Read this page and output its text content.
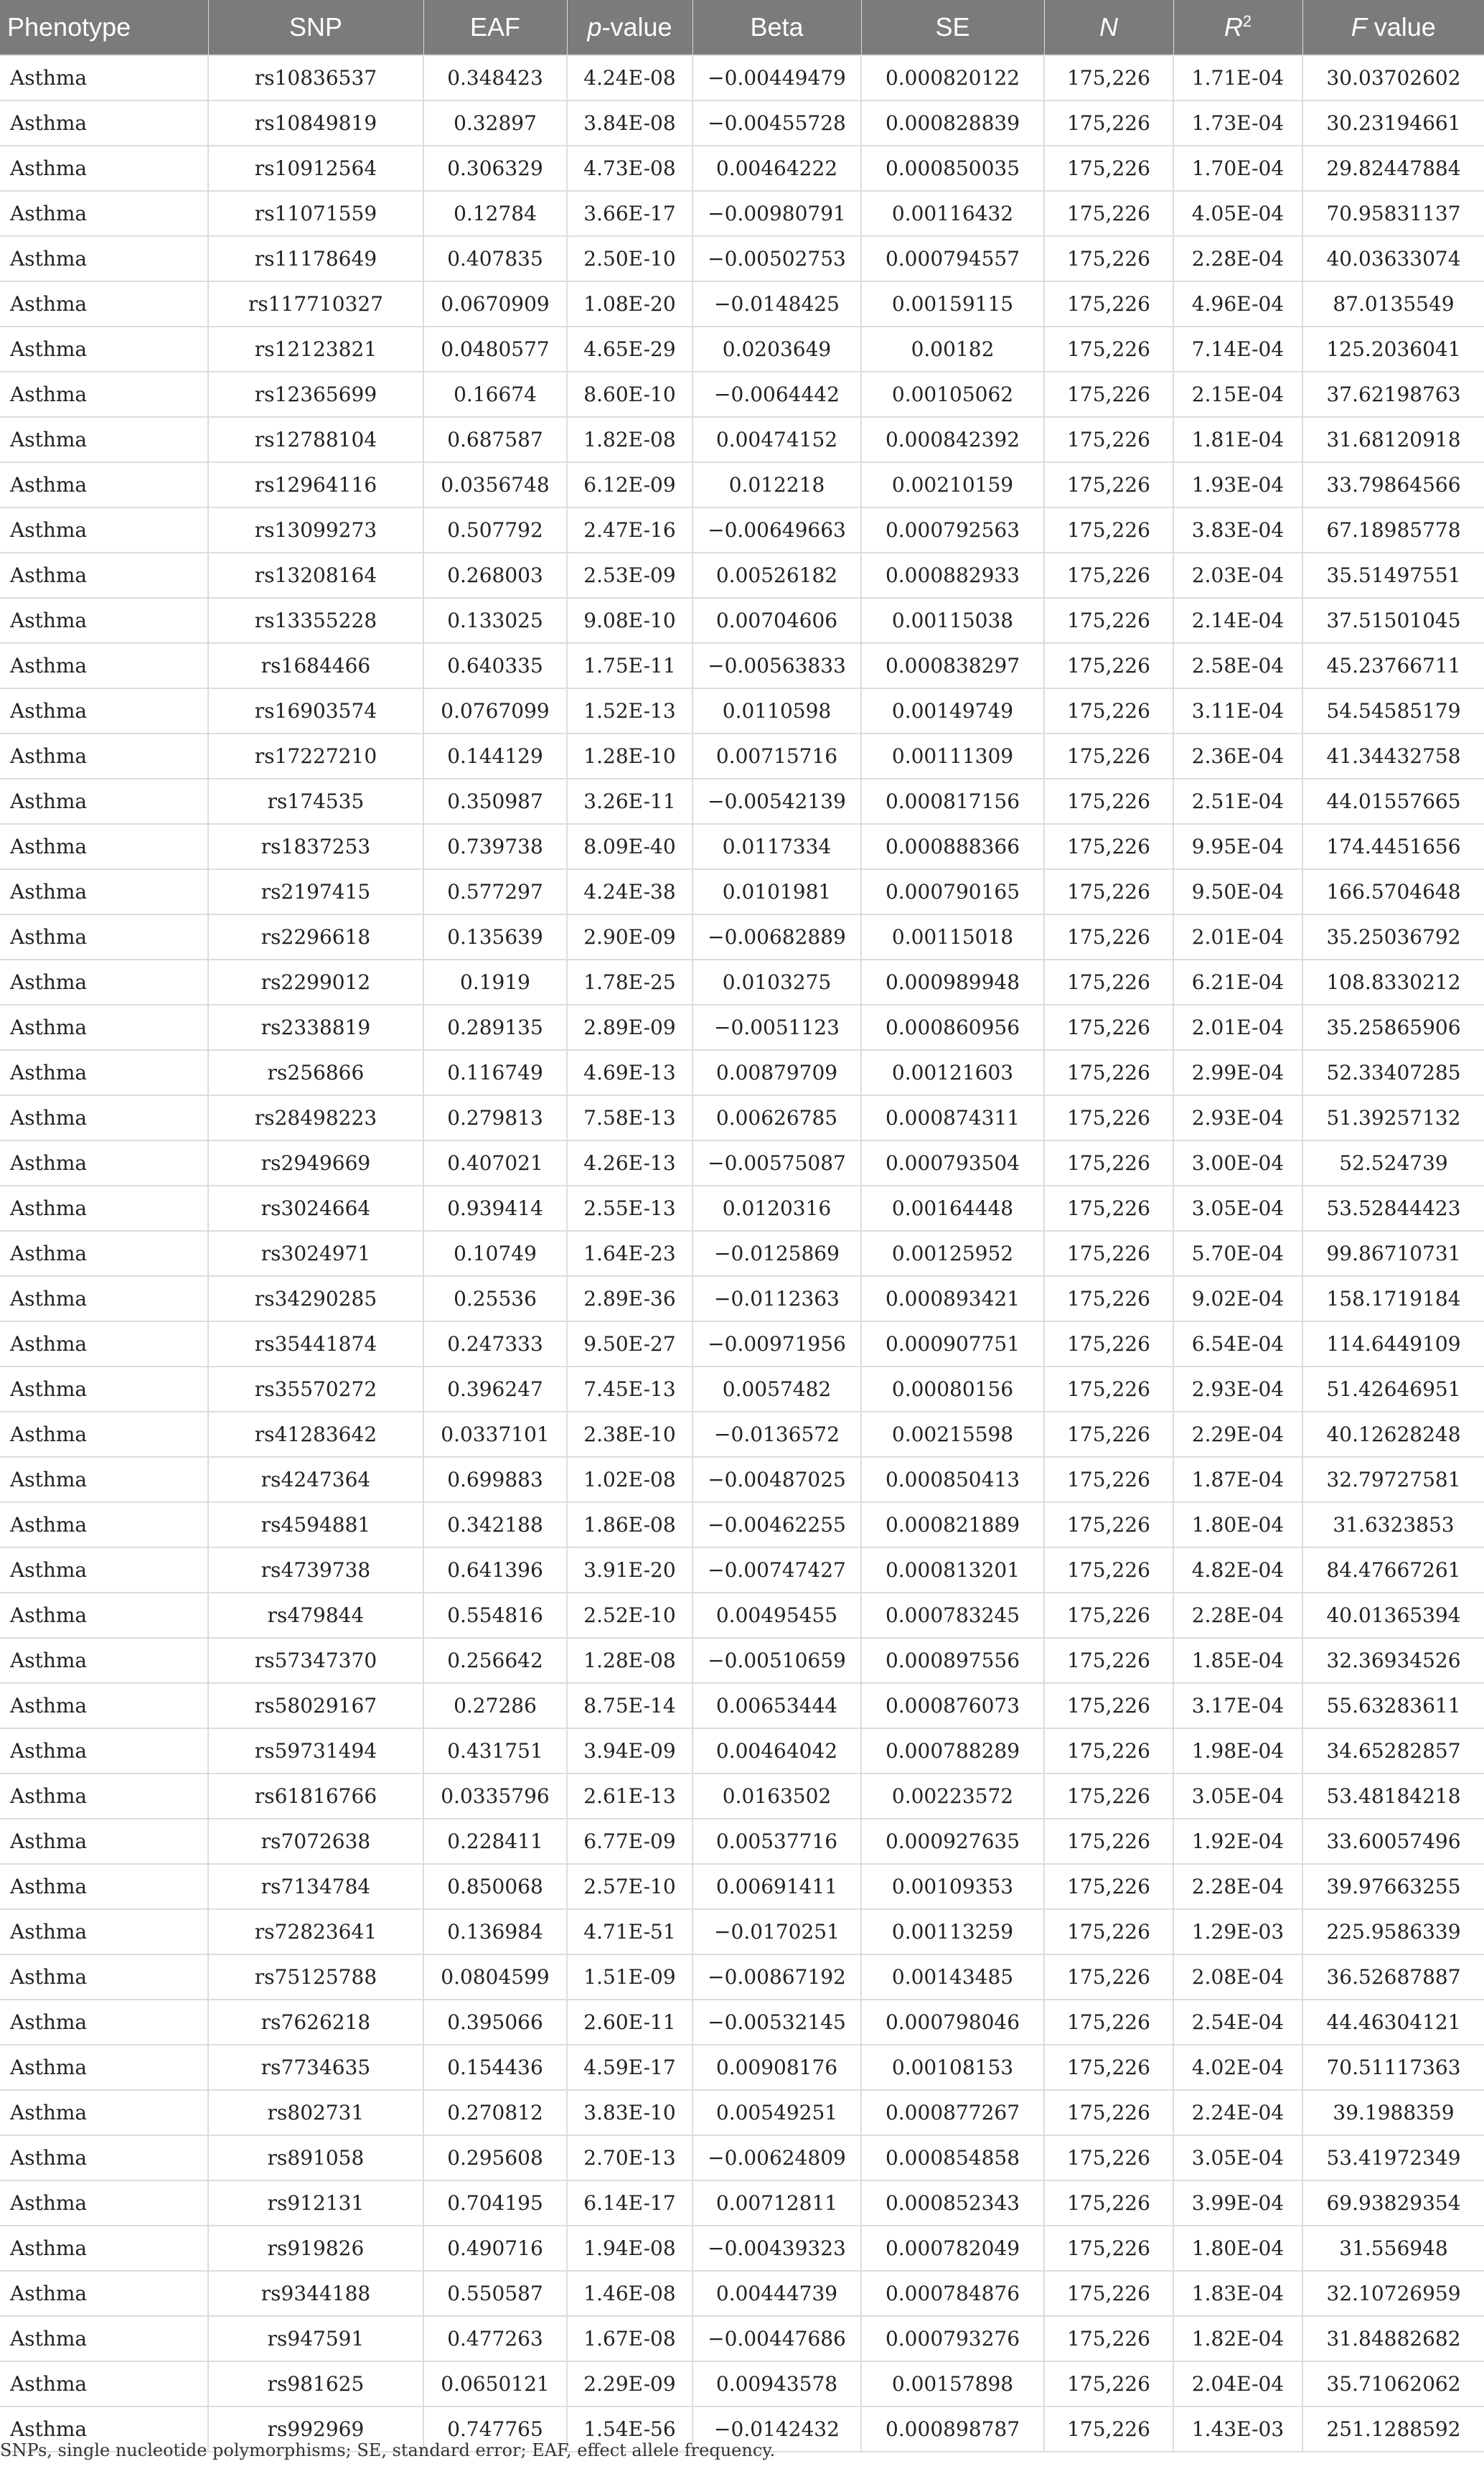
Phenotype	SNP	EAF	p-value	Beta	SE	N	$R^2$	F value
Asthma	rs10836537	0.348423	4.24E-08	−0.00449479	0.000820122	175,226	1.71E-04	30.03702602
Asthma	rs10849819	0.32897	3.84E-08	−0.00455728	0.000828839	175,226	1.73E-04	30.23194661
Asthma	rs10912564	0.306329	4.73E-08	0.00464222	0.000850035	175,226	1.70E-04	29.82447884
Asthma	rs11071559	0.12784	3.66E-17	−0.00980791	0.00116432	175,226	4.05E-04	70.95831137
Asthma	rs11178649	0.407835	2.50E-10	−0.00502753	0.000794557	175,226	2.28E-04	40.03633074
Asthma	rs117710327	0.0670909	1.08E-20	−0.0148425	0.00159115	175,226	4.96E-04	87.0135549
Asthma	rs12123821	0.0480577	4.65E-29	0.0203649	0.00182	175,226	7.14E-04	125.2036041
Asthma	rs12365699	0.16674	8.60E-10	−0.0064442	0.00105062	175,226	2.15E-04	37.62198763
Asthma	rs12788104	0.687587	1.82E-08	0.00474152	0.000842392	175,226	1.81E-04	31.68120918
Asthma	rs12964116	0.0356748	6.12E-09	0.012218	0.00210159	175,226	1.93E-04	33.79864566
Asthma	rs13099273	0.507792	2.47E-16	−0.00649663	0.000792563	175,226	3.83E-04	67.18985778
Asthma	rs13208164	0.268003	2.53E-09	0.00526182	0.000882933	175,226	2.03E-04	35.51497551
Asthma	rs13355228	0.133025	9.08E-10	0.00704606	0.00115038	175,226	2.14E-04	37.51501045
Asthma	rs1684466	0.640335	1.75E-11	−0.00563833	0.000838297	175,226	2.58E-04	45.23766711
Asthma	rs16903574	0.0767099	1.52E-13	0.0110598	0.00149749	175,226	3.11E-04	54.54585179
Asthma	rs17227210	0.144129	1.28E-10	0.00715716	0.00111309	175,226	2.36E-04	41.34432758
Asthma	rs174535	0.350987	3.26E-11	−0.00542139	0.000817156	175,226	2.51E-04	44.01557665
Asthma	rs1837253	0.739738	8.09E-40	0.0117334	0.000888366	175,226	9.95E-04	174.4451656
Asthma	rs2197415	0.577297	4.24E-38	0.0101981	0.000790165	175,226	9.50E-04	166.5704648
Asthma	rs2296618	0.135639	2.90E-09	−0.00682889	0.00115018	175,226	2.01E-04	35.25036792
Asthma	rs2299012	0.1919	1.78E-25	0.0103275	0.000989948	175,226	6.21E-04	108.8330212
Asthma	rs2338819	0.289135	2.89E-09	−0.0051123	0.000860956	175,226	2.01E-04	35.25865906
Asthma	rs256866	0.116749	4.69E-13	0.00879709	0.00121603	175,226	2.99E-04	52.33407285
Asthma	rs28498223	0.279813	7.58E-13	0.00626785	0.000874311	175,226	2.93E-04	51.39257132
Asthma	rs2949669	0.407021	4.26E-13	−0.00575087	0.000793504	175,226	3.00E-04	52.524739
Asthma	rs3024664	0.939414	2.55E-13	0.0120316	0.00164448	175,226	3.05E-04	53.52844423
Asthma	rs3024971	0.10749	1.64E-23	−0.0125869	0.00125952	175,226	5.70E-04	99.86710731
Asthma	rs34290285	0.25536	2.89E-36	−0.0112363	0.000893421	175,226	9.02E-04	158.1719184
Asthma	rs35441874	0.247333	9.50E-27	−0.00971956	0.000907751	175,226	6.54E-04	114.6449109
Asthma	rs35570272	0.396247	7.45E-13	0.0057482	0.00080156	175,226	2.93E-04	51.42646951
Asthma	rs41283642	0.0337101	2.38E-10	−0.0136572	0.00215598	175,226	2.29E-04	40.12628248
Asthma	rs4247364	0.699883	1.02E-08	−0.00487025	0.000850413	175,226	1.87E-04	32.79727581
Asthma	rs4594881	0.342188	1.86E-08	−0.00462255	0.000821889	175,226	1.80E-04	31.6323853
Asthma	rs4739738	0.641396	3.91E-20	−0.00747427	0.000813201	175,226	4.82E-04	84.47667261
Asthma	rs479844	0.554816	2.52E-10	0.00495455	0.000783245	175,226	2.28E-04	40.01365394
Asthma	rs57347370	0.256642	1.28E-08	−0.00510659	0.000897556	175,226	1.85E-04	32.36934526
Asthma	rs58029167	0.27286	8.75E-14	0.00653444	0.000876073	175,226	3.17E-04	55.63283611
Asthma	rs59731494	0.431751	3.94E-09	0.00464042	0.000788289	175,226	1.98E-04	34.65282857
Asthma	rs61816766	0.0335796	2.61E-13	0.0163502	0.00223572	175,226	3.05E-04	53.48184218
Asthma	rs7072638	0.228411	6.77E-09	0.00537716	0.000927635	175,226	1.92E-04	33.60057496
Asthma	rs7134784	0.850068	2.57E-10	0.00691411	0.00109353	175,226	2.28E-04	39.97663255
Asthma	rs72823641	0.136984	4.71E-51	−0.0170251	0.00113259	175,226	1.29E-03	225.9586339
Asthma	rs75125788	0.0804599	1.51E-09	−0.00867192	0.00143485	175,226	2.08E-04	36.52687887
Asthma	rs7626218	0.395066	2.60E-11	−0.00532145	0.000798046	175,226	2.54E-04	44.46304121
Asthma	rs7734635	0.154436	4.59E-17	0.00908176	0.00108153	175,226	4.02E-04	70.51117363
Asthma	rs802731	0.270812	3.83E-10	0.00549251	0.000877267	175,226	2.24E-04	39.1988359
Asthma	rs891058	0.295608	2.70E-13	−0.00624809	0.000854858	175,226	3.05E-04	53.41972349
Asthma	rs912131	0.704195	6.14E-17	0.00712811	0.000852343	175,226	3.99E-04	69.93829354
Asthma	rs919826	0.490716	1.94E-08	−0.00439323	0.000782049	175,226	1.80E-04	31.556948
Asthma	rs9344188	0.550587	1.46E-08	0.00444739	0.000784876	175,226	1.83E-04	32.10726959
Asthma	rs947591	0.477263	1.67E-08	−0.00447686	0.000793276	175,226	1.82E-04	31.84882682
Asthma	rs981625	0.0650121	2.29E-09	0.00943578	0.00157898	175,226	2.04E-04	35.71062062
Asthma	rs992969	0.747765	1.54E-56	−0.0142432	0.000898787	175,226	1.43E-03	251.1288592
SNPs, single nucleotide polymorphisms; SE, standard error; EAF, effect allele frequency.
